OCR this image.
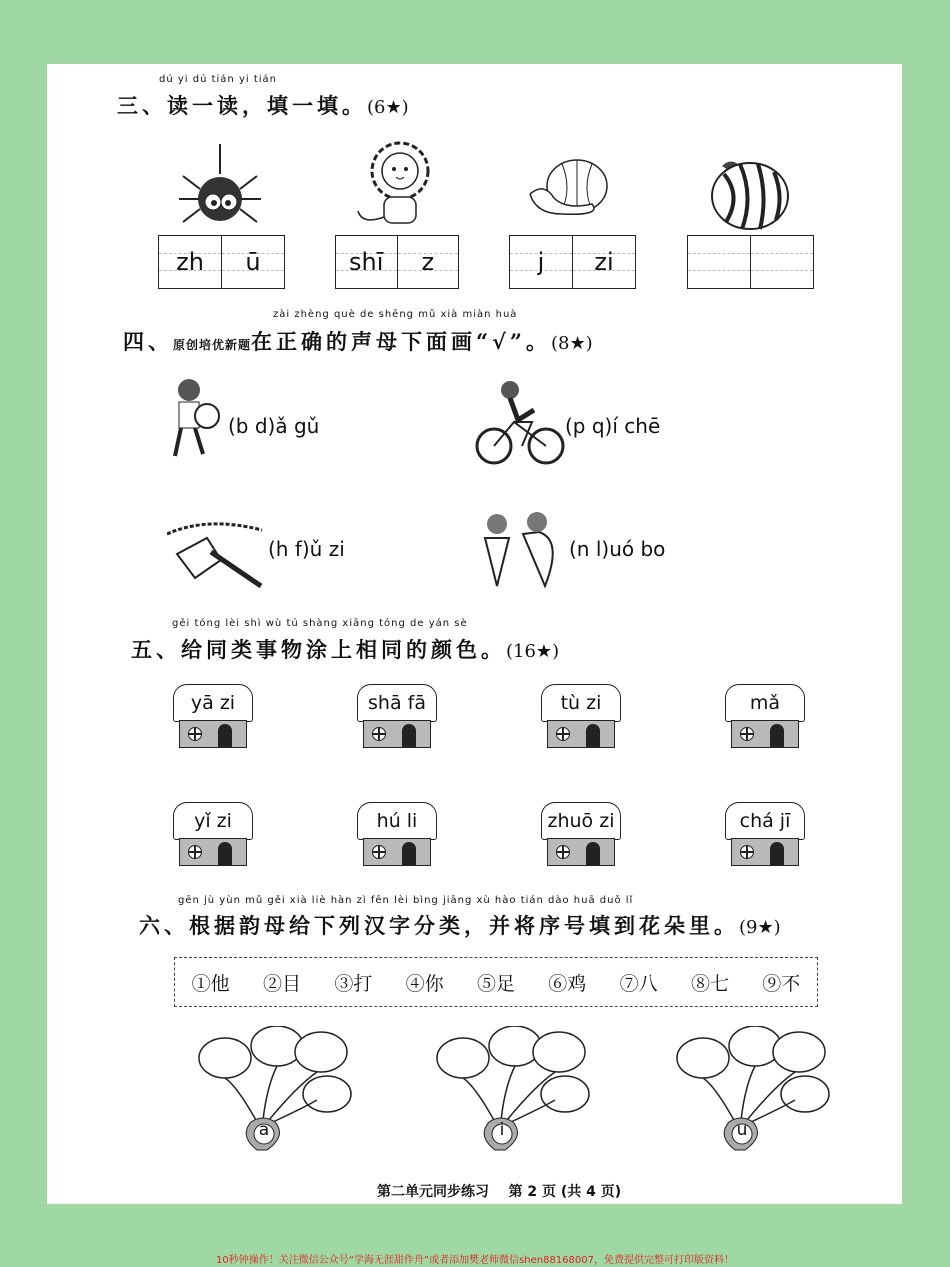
dú yi dú tián yi tián
三、读一读，填一填。(6★)
zh ū	shī z	j zi
zài zhèng què de shēng mǔ xià miàn huà
四、原创培优新题在正确的声母下面画“√”。(8★)
(b d)ǎ gǔ	(p q)í chē
(h f)ǔ zi	(n l)uó bo
gěi tóng lèi shì wù tú shàng xiāng tóng de yán sè
五、给同类事物涂上相同的颜色。(16★)
yā zi	shā fā	tù zi	mǎ
yǐ zi	hú li	zhuō zi	chá jī
gēn jù yùn mǔ gěi xià liè hàn zì fēn lèi bìng jiāng xù hào tián dào huā duǒ lǐ
六、根据韵母给下列汉字分类，并将序号填到花朵里。(9★)
①他 ②目 ③打 ④你 ⑤足 ⑥鸡 ⑦八 ⑧七 ⑨不
a	i	u
第二单元同步练习 第 2 页 (共 4 页)
10秒钟操作！关注微信公众号“学海无涯甜作舟”或者添加樊老师微信shen88168007，免费提供完整可打印版资料！
